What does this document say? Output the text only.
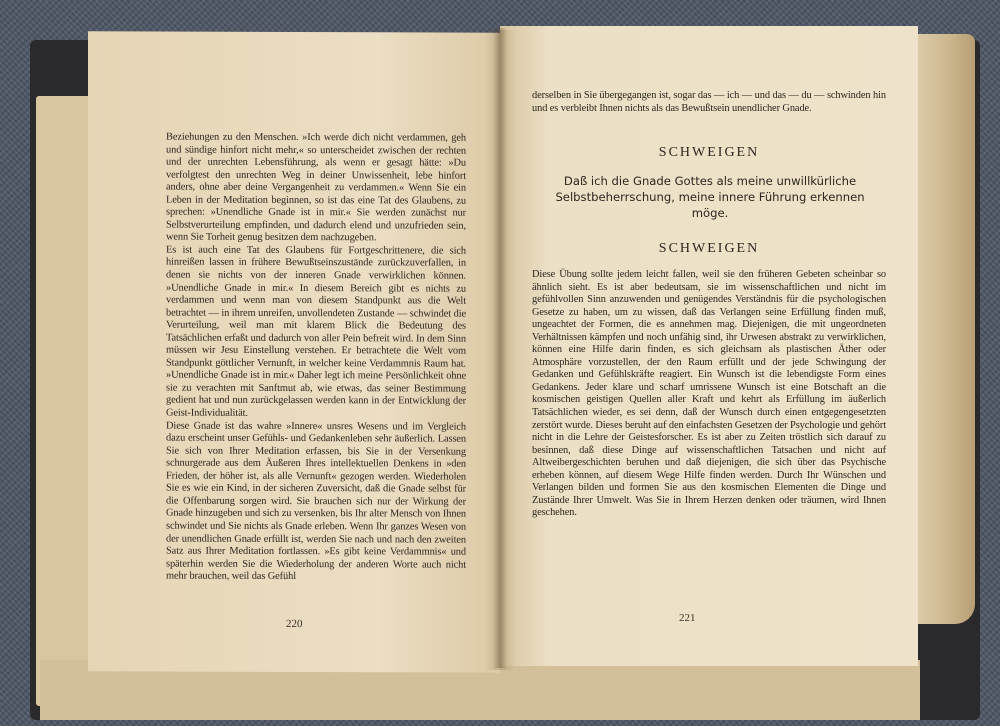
Beziehungen zu den Menschen. »Ich werde dich nicht verdammen, geh und sündige hinfort nicht mehr,« so unterscheidet zwischen der rechten und der unrechten Lebensführung, als wenn er gesagt hätte: »Du verfolgtest den unrechten Weg in deiner Unwissenheit, lebe hinfort anders, ohne aber deine Vergangenheit zu verdammen.« Wenn Sie ein Leben in der Meditation beginnen, so ist das eine Tat des Glaubens, zu sprechen: »Unendliche Gnade ist in mir.« Sie werden zunächst nur Selbstverurteilung empfinden, und dadurch elend und unzufrieden sein, wenn Sie Torheit genug besitzen dem nachzugeben.

Es ist auch eine Tat des Glaubens für Fortgeschrittenere, die sich hinreißen lassen in frühere Bewußtseinszustände zurückzuverfallen, in denen sie nichts von der inneren Gnade verwirklichen können. »Unendliche Gnade in mir.« In diesem Bereich gibt es nichts zu verdammen und wenn man von diesem Standpunkt aus die Welt betrachtet — in ihrem unreifen, unvollendeten Zustande — schwindet die Verurteilung, weil man mit klarem Blick die Bedeutung des Tatsächlichen erfaßt und dadurch von aller Pein befreit wird. In dem Sinn müssen wir Jesu Einstellung verstehen. Er betrachtete die Welt vom Standpunkt göttlicher Vernunft, in welcher keine Verdammnis Raum hat. »Unendliche Gnade ist in mir.« Daher legt ich meine Persönlichkeit ohne sie zu verachten mit Sanftmut ab, wie etwas, das seiner Bestimmung gedient hat und nun zurückgelassen werden kann in der Entwicklung der Geist-Individualität.

Diese Gnade ist das wahre »Innere« unsres Wesens und im Vergleich dazu erscheint unser Gefühls- und Gedankenleben sehr äußerlich. Lassen Sie sich von Ihrer Meditation erfassen, bis Sie in der Versenkung schnurgerade aus dem Äußeren Ihres intellektuellen Denkens in »den Frieden, der höher ist, als alle Vernunft« gezogen werden. Wiederholen Sie es wie ein Kind, in der sicheren Zuversicht, daß die Gnade selbst für die Offenbarung sorgen wird. Sie brauchen sich nur der Wirkung der Gnade hinzugeben und sich zu versenken, bis Ihr alter Mensch von Ihnen schwindet und Sie nichts als Gnade erleben. Wenn Ihr ganzes Wesen von der unendlichen Gnade erfüllt ist, werden Sie nach und nach den zweiten Satz aus Ihrer Meditation fortlassen. »Es gibt keine Verdammnis« und späterhin werden Sie die Wiederholung der anderen Worte auch nicht mehr brauchen, weil das Gefühl

220
derselben in Sie übergegangen ist, sogar das — ich — und das — du — schwinden hin und es verbleibt Ihnen nichts als das Bewußtsein unendlicher Gnade.
SCHWEIGEN
Daß ich die Gnade Gottes als meine unwillkürliche Selbstbeherrschung, meine innere Führung erkennen möge.
SCHWEIGEN
Diese Übung sollte jedem leicht fallen, weil sie den früheren Gebeten scheinbar so ähnlich sieht. Es ist aber bedeutsam, sie im wissenschaftlichen und nicht im gefühlvollen Sinn anzuwenden und genügendes Verständnis für die psychologischen Gesetze zu haben, um zu wissen, daß das Verlangen seine Erfüllung finden muß, ungeachtet der Formen, die es annehmen mag. Diejenigen, die mit ungeordneten Verhältnissen kämpfen und noch unfähig sind, ihr Urwesen abstrakt zu verwirklichen, können eine Hilfe darin finden, es sich gleichsam als plastischen Äther oder Atmosphäre vorzustellen, der den Raum erfüllt und der jede Schwingung der Gedanken und Gefühlskräfte reagiert. Ein Wunsch ist die lebendigste Form eines Gedankens. Jeder klare und scharf umrissene Wunsch ist eine Botschaft an die kosmischen geistigen Quellen aller Kraft und kehrt als Erfüllung im äußerlich Tatsächlichen wieder, es sei denn, daß der Wunsch durch einen entgegengesetzten zerstört wurde. Dieses beruht auf den einfachsten Gesetzen der Psychologie und gehört nicht in die Lehre der Geistesforscher. Es ist aber zu Zeiten tröstlich sich darauf zu besinnen, daß diese Dinge auf wissenschaftlichen Tatsachen und nicht auf Altweibergeschichten beruhen und daß diejenigen, die sich über das Psychische erheben können, auf diesem Wege Hilfe finden werden. Durch Ihr Wünschen und Verlangen bilden und formen Sie aus den kosmischen Elementen die Dinge und Zustände Ihrer Umwelt. Was Sie in Ihrem Herzen denken oder träumen, wird Ihnen geschehen.
221
